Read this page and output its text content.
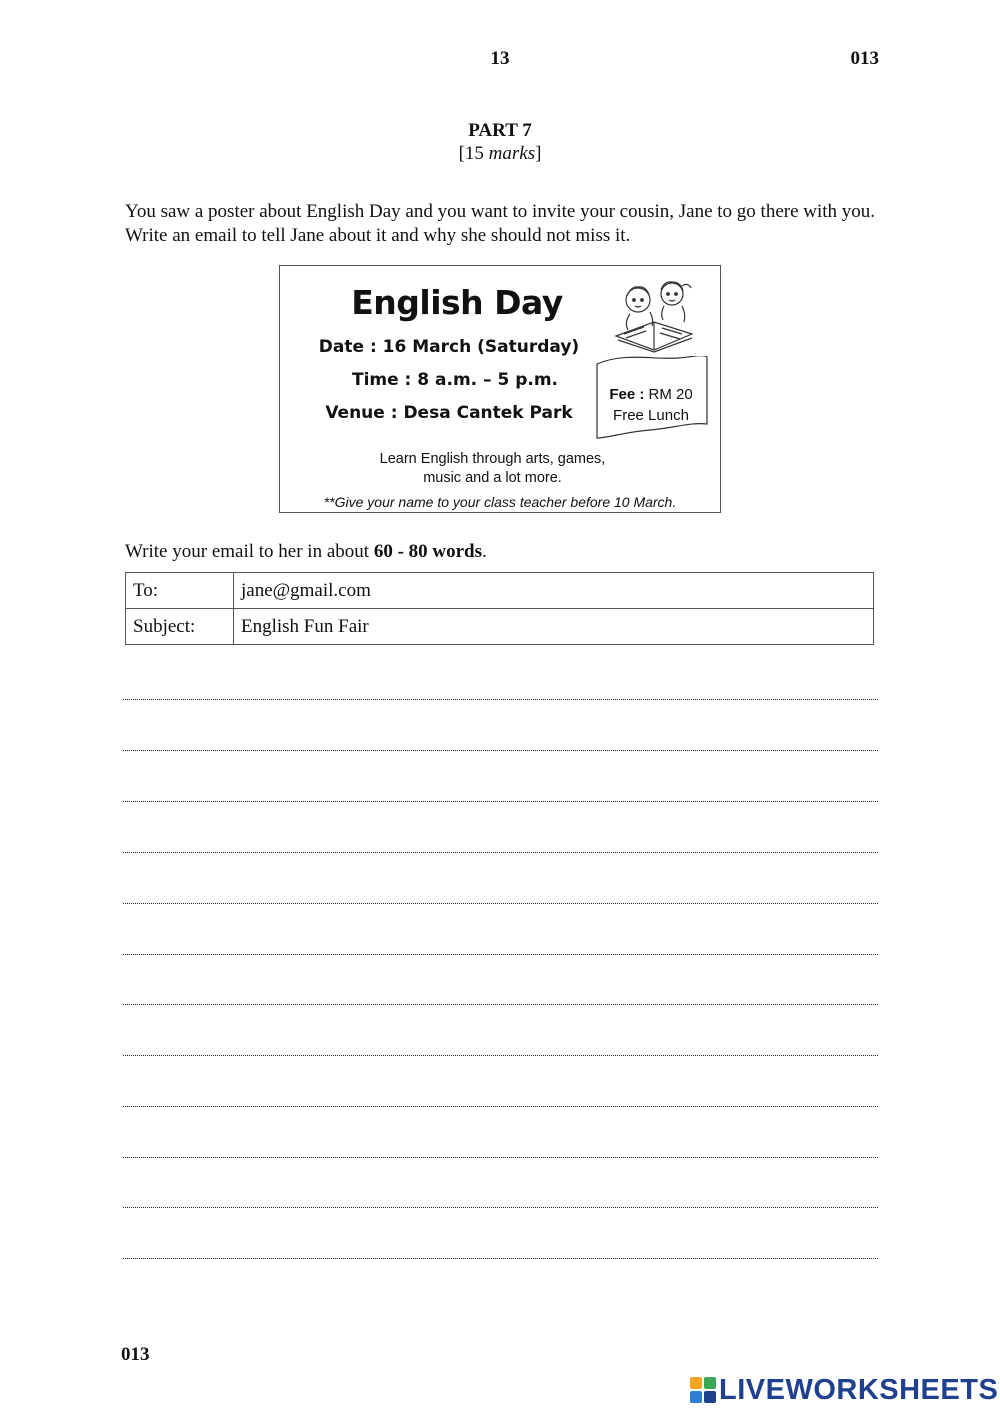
13	013
PART 7
[15 marks]
You saw a poster about English Day and you want to invite your cousin, Jane to go there with you. Write an email to tell Jane about it and why she should not miss it.
English Day
Date : 16 March (Saturday)
Time : 8 a.m. – 5 p.m.
Venue : Desa Cantek Park
Fee : RM 20
Free Lunch
Learn English through arts, games,
music and a lot more.
**Give your name to your class teacher before 10 March.
Write your email to her in about 60 - 80 words.
To:	jane@gmail.com
Subject:	English Fun Fair
013
LIVEWORKSHEETS
